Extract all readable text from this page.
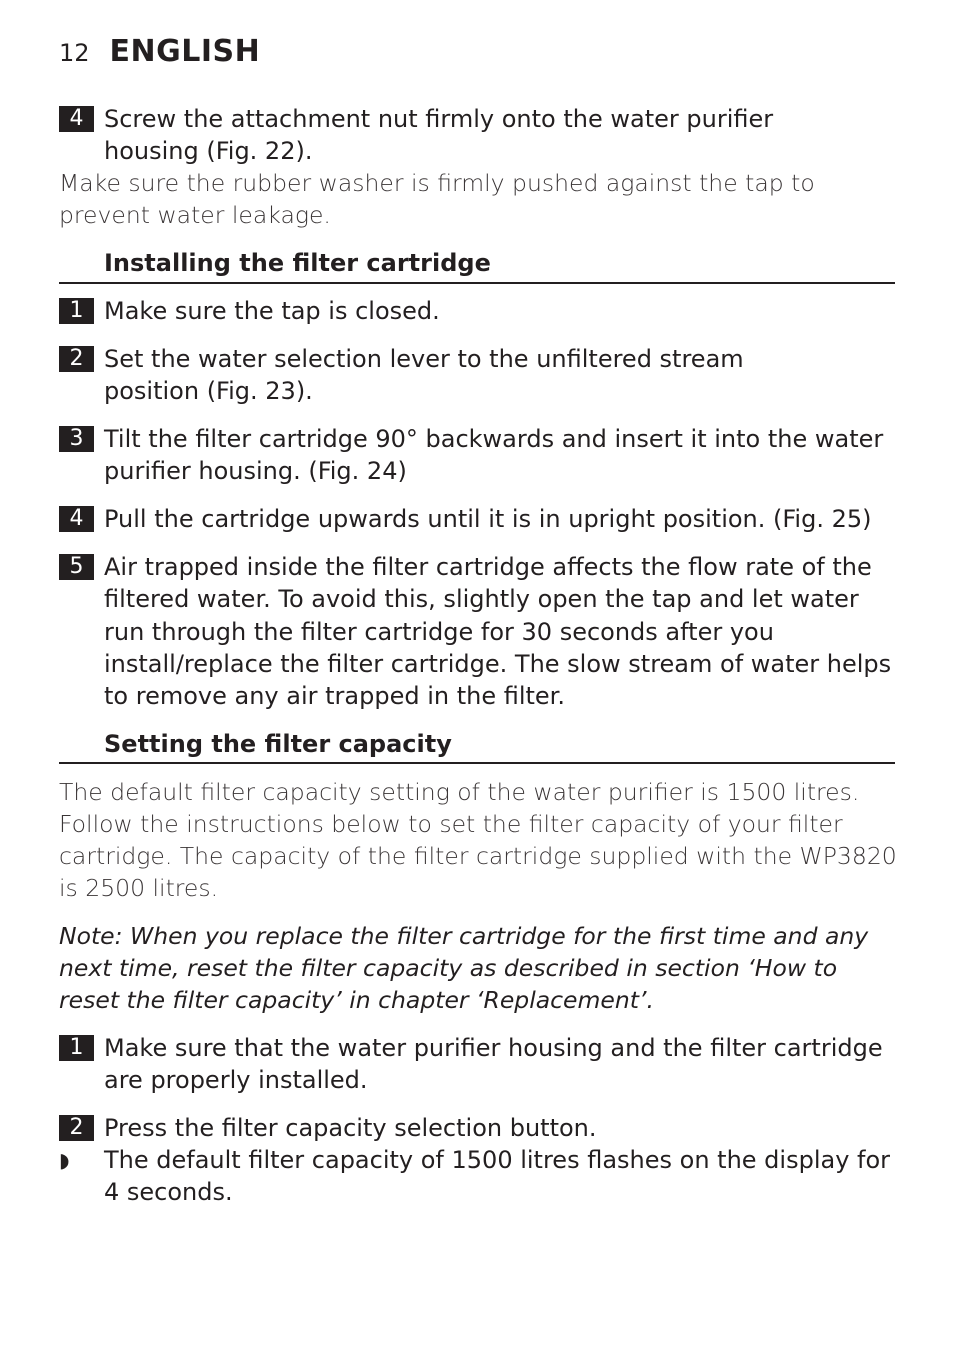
12 ENGLISH
4 Screw the attachment nut firmly onto the water purifier housing (Fig. 22).

Make sure the rubber washer is firmly pushed against the tap to prevent water leakage.

Installing the filter cartridge
1 Make sure the tap is closed.

2 Set the water selection lever to the unfiltered stream position (Fig. 23).

3 Tilt the filter cartridge 90° backwards and insert it into the water purifier housing. (Fig. 24)

4 Pull the cartridge upwards until it is in upright position. (Fig. 25)

5 Air trapped inside the filter cartridge affects the flow rate of the filtered water. To avoid this, slightly open the tap and let water run through the filter cartridge for 30 seconds after you install/replace the filter cartridge. The slow stream of water helps to remove any air trapped in the filter.

Setting the filter capacity

The default filter capacity setting of the water purifier is 1500 litres. Follow the instructions below to set the filter capacity of your filter cartridge. The capacity of the filter cartridge supplied with the WP3820 is 2500 litres.

Note: When you replace the filter cartridge for the first time and any next time, reset the filter capacity as described in section ‘How to reset the filter capacity’ in chapter ‘Replacement’.

1 Make sure that the water purifier housing and the filter cartridge are properly installed.

2 Press the filter capacity selection button.

◗ The default filter capacity of 1500 litres flashes on the display for 4 seconds.
